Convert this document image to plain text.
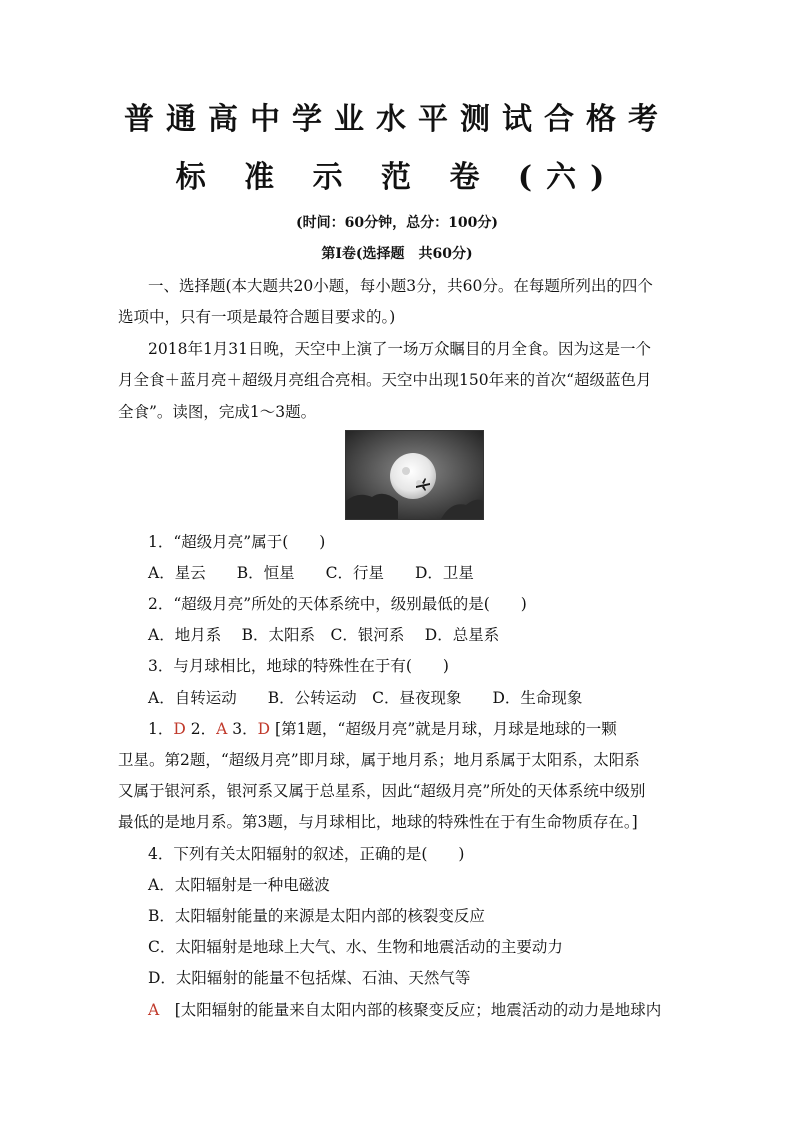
普通高中学业水平测试合格考
标 准 示 范 卷 (六)
(时间：60分钟，总分：100分)
第Ⅰ卷(选择题　共60分)
一、选择题(本大题共20小题，每小题3分，共60分。在每题所列出的四个
选项中，只有一项是最符合题目要求的。)
2018年1月31日晚，天空中上演了一场万众瞩目的月全食。因为这是一个
月全食＋蓝月亮＋超级月亮组合亮相。天空中出现150年来的首次“超级蓝色月
全食”。读图，完成1～3题。
1．“超级月亮”属于(　　)
A．星云　　B．恒星　　C．行星　　D．卫星
2．“超级月亮”所处的天体系统中，级别最低的是(　　)
A．地月系　 B．太阳系　C．银河系　 D．总星系
3．与月球相比，地球的特殊性在于有(　　)
A．自转运动　　B．公转运动　C．昼夜现象　　D．生命现象
1．D 2．A 3．D [第1题，“超级月亮”就是月球，月球是地球的一颗
卫星。第2题，“超级月亮”即月球，属于地月系；地月系属于太阳系，太阳系
又属于银河系，银河系又属于总星系，因此“超级月亮”所处的天体系统中级别
最低的是地月系。第3题，与月球相比，地球的特殊性在于有生命物质存在。]
4．下列有关太阳辐射的叙述，正确的是(　　)
A．太阳辐射是一种电磁波
B．太阳辐射能量的来源是太阳内部的核裂变反应
C．太阳辐射是地球上大气、水、生物和地震活动的主要动力
D．太阳辐射的能量不包括煤、石油、天然气等
A　 [太阳辐射的能量来自太阳内部的核聚变反应；地震活动的动力是地球内
